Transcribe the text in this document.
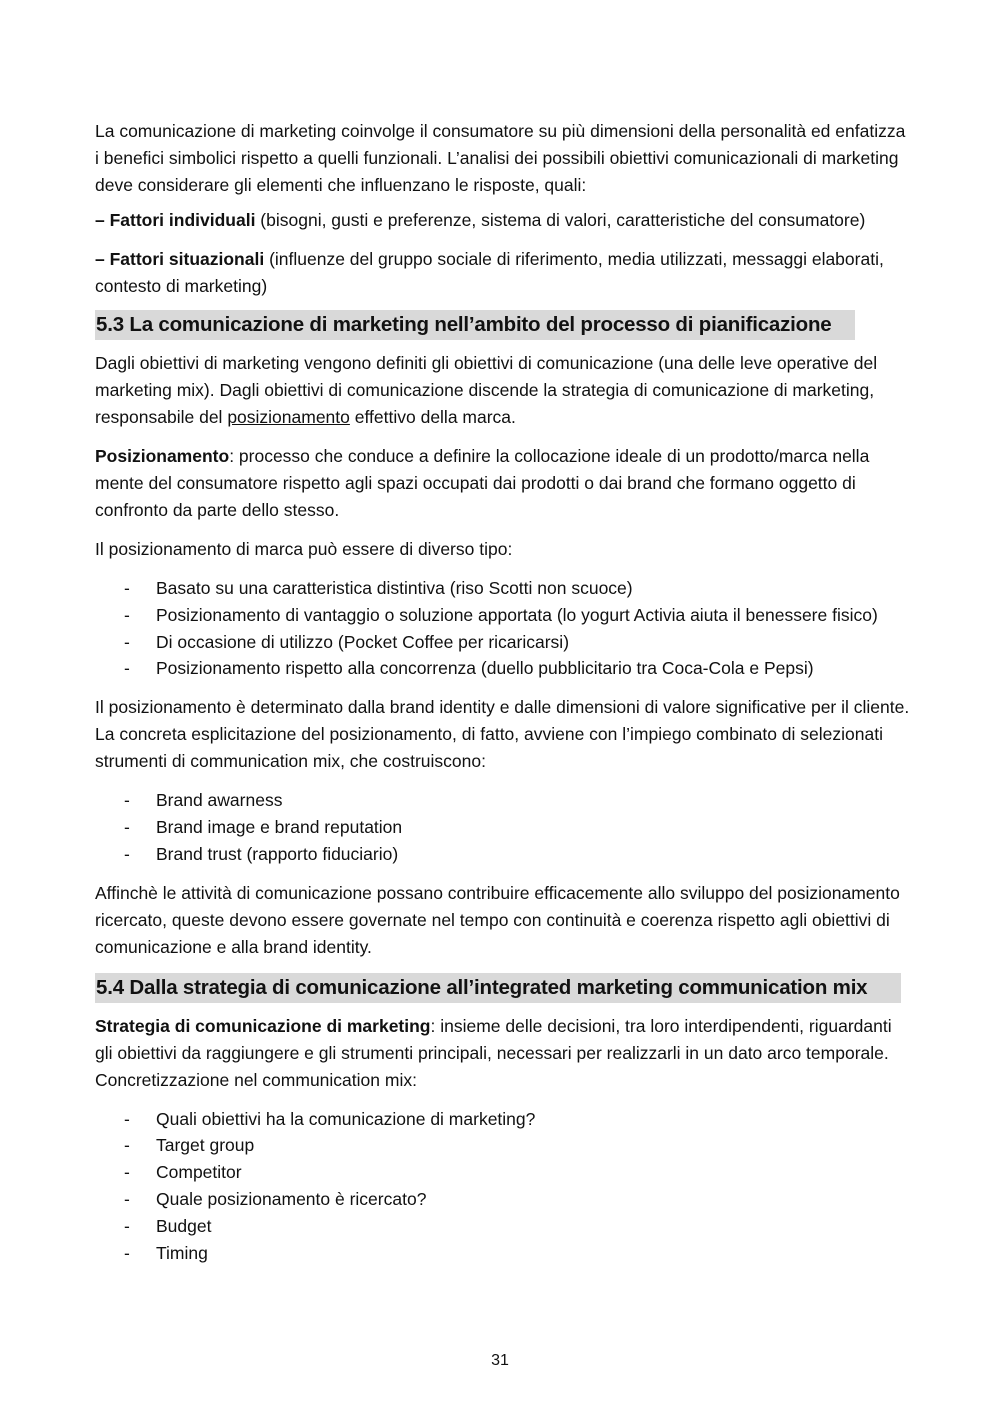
La comunicazione di marketing coinvolge il consumatore su più dimensioni della personalità ed enfatizza i benefici simbolici rispetto a quelli funzionali. L’analisi dei possibili obiettivi comunicazionali di marketing deve considerare gli elementi che influenzano le risposte, quali:

– Fattori individuali (bisogni, gusti e preferenze, sistema di valori, caratteristiche del consumatore)

– Fattori situazionali (influenze del gruppo sociale di riferimento, media utilizzati, messaggi elaborati, contesto di marketing)

5.3 La comunicazione di marketing nell’ambito del processo di pianificazione

Dagli obiettivi di marketing vengono definiti gli obiettivi di comunicazione (una delle leve operative del marketing mix). Dagli obiettivi di comunicazione discende la strategia di comunicazione di marketing, responsabile del posizionamento effettivo della marca.

Posizionamento: processo che conduce a definire la collocazione ideale di un prodotto/marca nella mente del consumatore rispetto agli spazi occupati dai prodotti o dai brand che formano oggetto di confronto da parte dello stesso.

Il posizionamento di marca può essere di diverso tipo:

- Basato su una caratteristica distintiva (riso Scotti non scuoce)
- Posizionamento di vantaggio o soluzione apportata (lo yogurt Activia aiuta il benessere fisico)
- Di occasione di utilizzo (Pocket Coffee per ricaricarsi)
- Posizionamento rispetto alla concorrenza (duello pubblicitario tra Coca-Cola e Pepsi)

Il posizionamento è determinato dalla brand identity e dalle dimensioni di valore significative per il cliente. La concreta esplicitazione del posizionamento, di fatto, avviene con l’impiego combinato di selezionati strumenti di communication mix, che costruiscono:

- Brand awarness
- Brand image e brand reputation
- Brand trust (rapporto fiduciario)

Affinchè le attività di comunicazione possano contribuire efficacemente allo sviluppo del posizionamento ricercato, queste devono essere governate nel tempo con continuità e coerenza rispetto agli obiettivi di comunicazione e alla brand identity.

5.4 Dalla strategia di comunicazione all’integrated marketing communication mix

Strategia di comunicazione di marketing: insieme delle decisioni, tra loro interdipendenti, riguardanti gli obiettivi da raggiungere e gli strumenti principali, necessari per realizzarli in un dato arco temporale. Concretizzazione nel communication mix:

- Quali obiettivi ha la comunicazione di marketing?
- Target group
- Competitor
- Quale posizionamento è ricercato?
- Budget
- Timing
31
